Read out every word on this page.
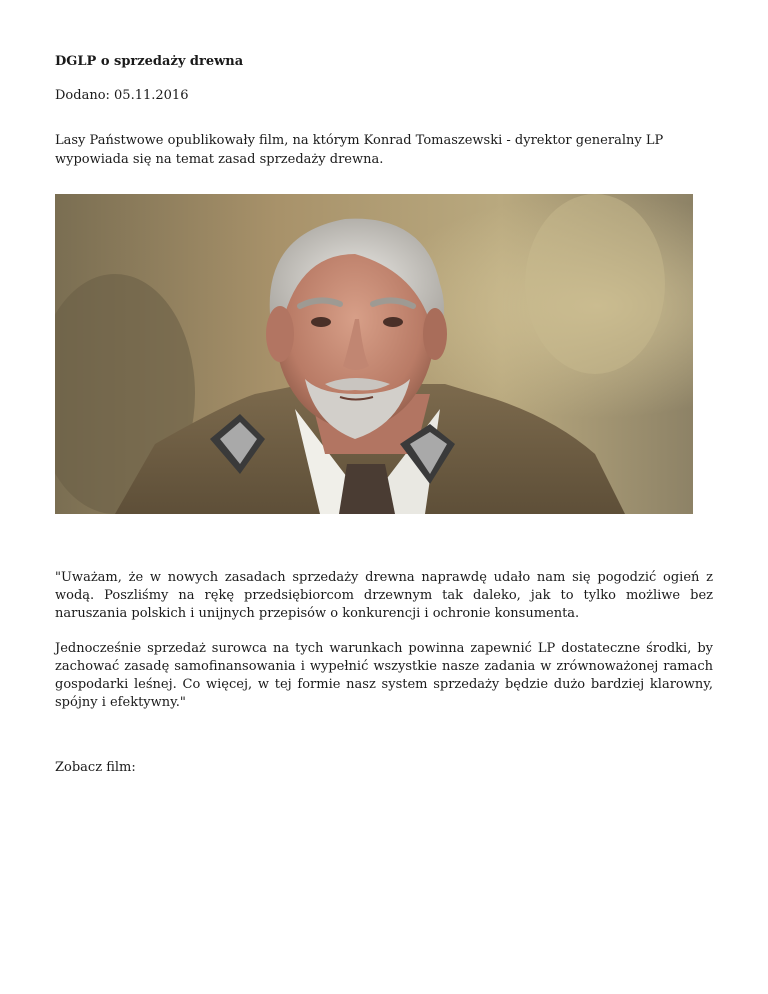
DGLP o sprzedaży drewna

Dodano: 05.11.2016

Lasy Państwowe opublikowały film, na którym Konrad Tomaszewski - dyrektor generalny LP wypowiada się na temat zasad sprzedaży drewna.

"Uważam, że w nowych zasadach sprzedaży drewna naprawdę udało nam się pogodzić ogień z wodą. Poszliśmy na rękę przedsiębiorcom drzewnym tak daleko, jak to tylko możliwe bez naruszania polskich i unijnych przepisów o konkurencji i ochronie konsumenta.

Jednocześnie sprzedaż surowca na tych warunkach powinna zapewnić LP dostateczne środki, by zachować zasadę samofinansowania i wypełnić wszystkie nasze zadania w zrównoważonej ramach gospodarki leśnej. Co więcej, w tej formie nasz system sprzedaży będzie dużo bardziej klarowny, spójny i efektywny."

Zobacz film:
